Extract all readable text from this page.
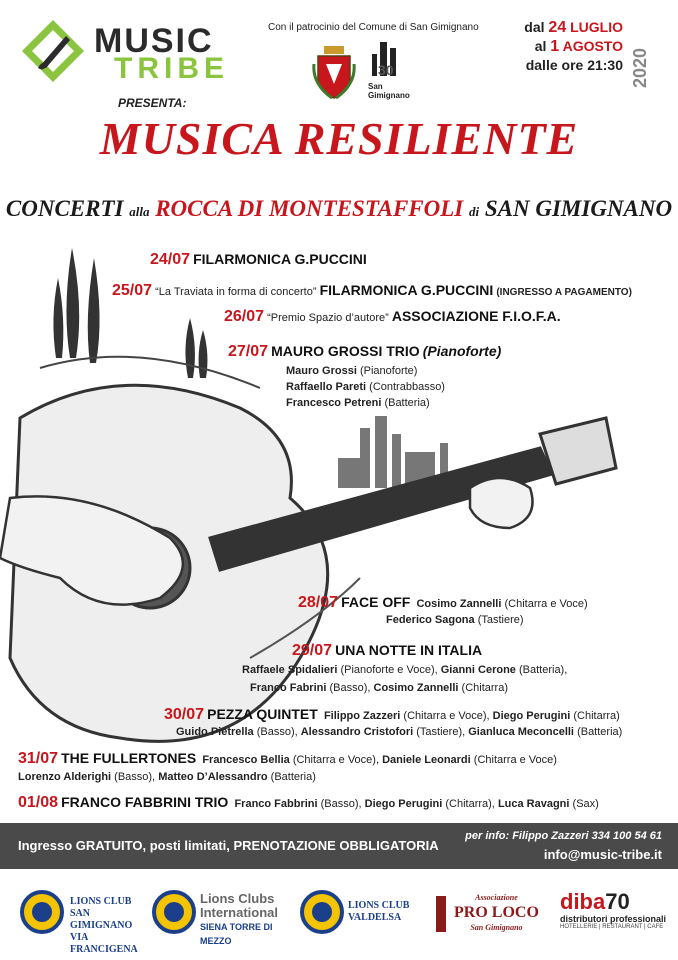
MUSIC
TRIBE
Con il patrocinio del Comune di San Gimignano
30
San Gimignano
dal 24 LUGLIO
al 1 AGOSTO
dalle ore 21:30 2020
PRESENTA:
MUSICA RESILIENTE
CONCERTI alla ROCCA DI MONTESTAFFOLI di SAN GIMIGNANO
24/07 FILARMONICA G.PUCCINI
25/07 “La Traviata in forma di concerto” FILARMONICA G.PUCCINI (INGRESSO A PAGAMENTO)
26/07 “Premio Spazio d’autore” ASSOCIAZIONE F.I.O.F.A.
27/07 MAURO GROSSI TRIO (Pianoforte)
Mauro Grossi (Pianoforte)
Raffaello Pareti (Contrabbasso)
Francesco Petreni (Batteria)
28/07 FACE OFF Cosimo Zannelli (Chitarra e Voce)
Federico Sagona (Tastiere)
29/07 UNA NOTTE IN ITALIA
Raffaele Spidalieri (Pianoforte e Voce), Gianni Cerone (Batteria),
Franco Fabrini (Basso), Cosimo Zannelli (Chitarra)
30/07 PEZZA QUINTET Filippo Zazzeri (Chitarra e Voce), Diego Perugini (Chitarra)
Guido Pietrella (Basso), Alessandro Cristofori (Tastiere), Gianluca Meconcelli (Batteria)
31/07 THE FULLERTONES Francesco Bellia (Chitarra e Voce), Daniele Leonardi (Chitarra e Voce)
Lorenzo Alderighi (Basso), Matteo D’Alessandro (Batteria)
01/08 FRANCO FABBRINI TRIO Franco Fabbrini (Basso), Diego Perugini (Chitarra), Luca Ravagni (Sax)
Ingresso GRATUITO, posti limitati, PRENOTAZIONE OBBLIGATORIA
per info: Filippo Zazzeri 334 100 54 61
info@music-tribe.it
LIONS CLUB
SAN GIMIGNANO
VIA FRANCIGENA
Lions Clubs
International
SIENA TORRE DI MEZZO
LIONS CLUB
VALDELSA
Associazione
PRO LOCO
San Gimignano
diba70
distributori professionali
HOTELLERIE | RESTAURANT | CAFE
